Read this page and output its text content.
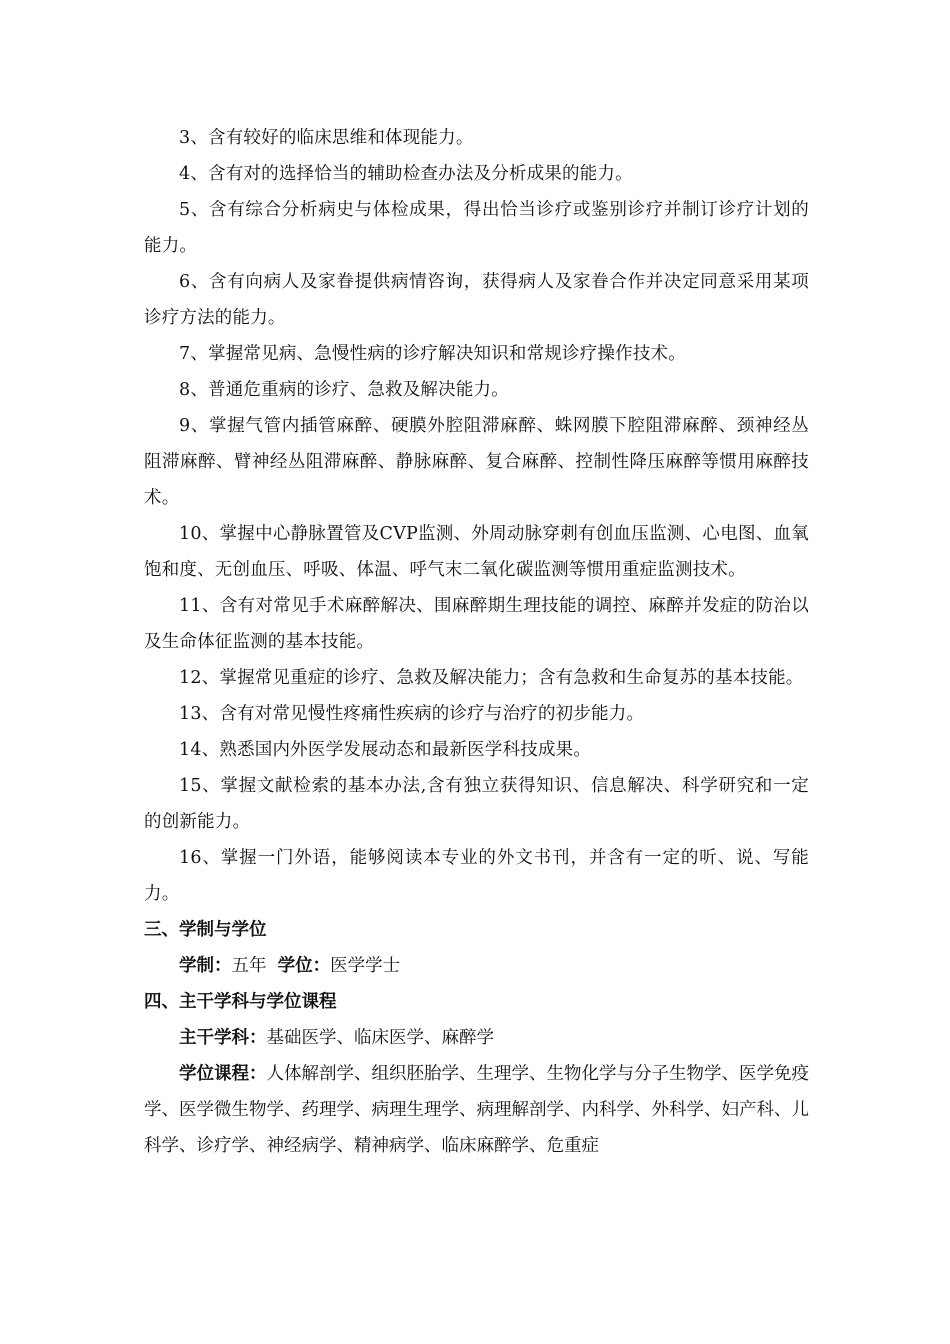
3、含有较好的临床思维和体现能力。

4、含有对的选择恰当的辅助检查办法及分析成果的能力。

5、含有综合分析病史与体检成果，得出恰当诊疗或鉴别诊疗并制订诊疗计划的能力。

6、含有向病人及家眷提供病情咨询，获得病人及家眷合作并决定同意采用某项诊疗方法的能力。

7、掌握常见病、急慢性病的诊疗解决知识和常规诊疗操作技术。

8、普通危重病的诊疗、急救及解决能力。

9、掌握气管内插管麻醉、硬膜外腔阻滞麻醉、蛛网膜下腔阻滞麻醉、颈神经丛阻滞麻醉、臂神经丛阻滞麻醉、静脉麻醉、复合麻醉、控制性降压麻醉等惯用麻醉技术。

10、掌握中心静脉置管及CVP监测、外周动脉穿刺有创血压监测、心电图、血氧饱和度、无创血压、呼吸、体温、呼气末二氧化碳监测等惯用重症监测技术。

11、含有对常见手术麻醉解决、围麻醉期生理技能的调控、麻醉并发症的防治以及生命体征监测的基本技能。

12、掌握常见重症的诊疗、急救及解决能力；含有急救和生命复苏的基本技能。

13、含有对常见慢性疼痛性疾病的诊疗与治疗的初步能力。

14、熟悉国内外医学发展动态和最新医学科技成果。

15、掌握文献检索的基本办法,含有独立获得知识、信息解决、科学研究和一定的创新能力。

16、掌握一门外语，能够阅读本专业的外文书刊，并含有一定的听、说、写能力。

三、学制与学位

学制：五年 学位：医学学士

四、主干学科与学位课程

主干学科：基础医学、临床医学、麻醉学

学位课程：人体解剖学、组织胚胎学、生理学、生物化学与分子生物学、医学免疫学、医学微生物学、药理学、病理生理学、病理解剖学、内科学、外科学、妇产科、儿科学、诊疗学、神经病学、精神病学、临床麻醉学、危重症
